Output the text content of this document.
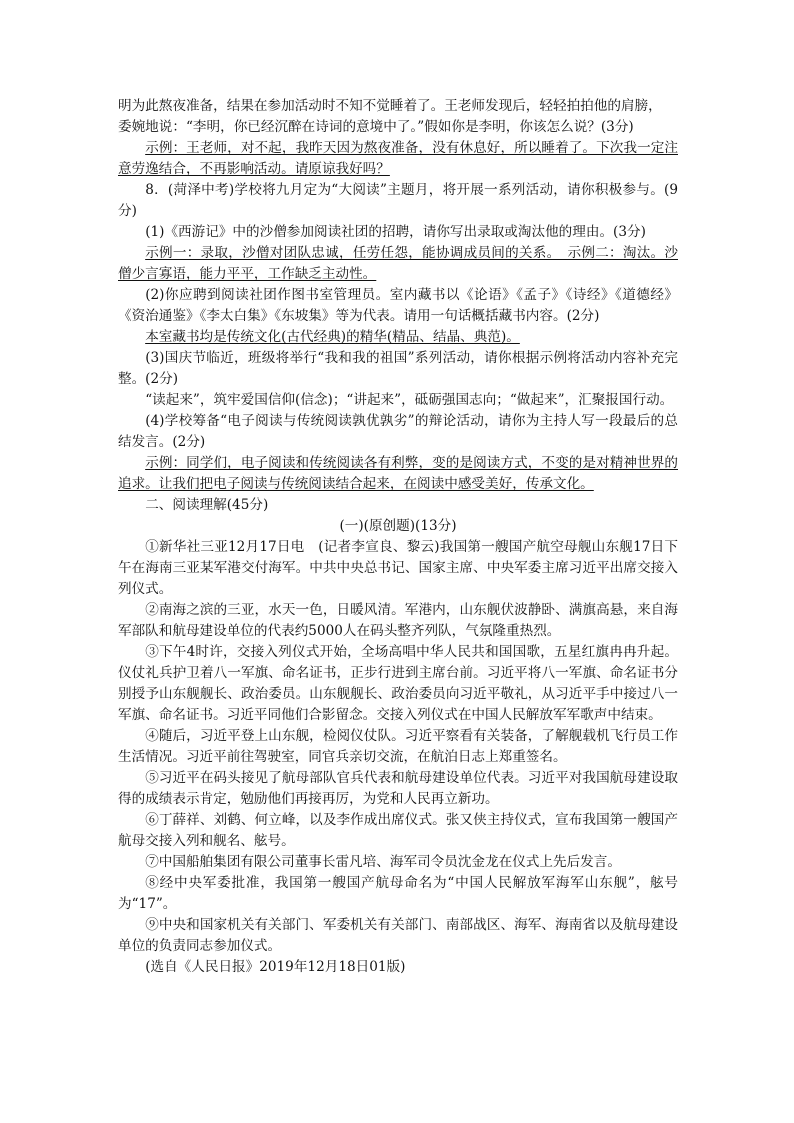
明为此熬夜准备，结果在参加活动时不知不觉睡着了。王老师发现后，轻轻拍拍他的肩膀，

委婉地说：“李明，你已经沉醉在诗词的意境中了。”假如你是李明，你该怎么说？(3分)

示例：王老师，对不起，我昨天因为熬夜准备，没有休息好，所以睡着了。下次我一定注意劳逸结合，不再影响活动。请原谅我好吗？

8．(菏泽中考)学校将九月定为“大阅读”主题月，将开展一系列活动，请你积极参与。(9分)

(1)《西游记》中的沙僧参加阅读社团的招聘，请你写出录取或淘汰他的理由。(3分)

示例一：录取，沙僧对团队忠诚，任劳任怨，能协调成员间的关系。　示例二：淘汰。沙僧少言寡语，能力平平，工作缺乏主动性。

(2)你应聘到阅读社团作图书室管理员。室内藏书以《论语》《孟子》《诗经》《道德经》《资治通鉴》《李太白集》《东坡集》等为代表。请用一句话概括藏书内容。(2分)

本室藏书均是传统文化(古代经典)的精华(精品、结晶、典范)。

(3)国庆节临近，班级将举行“我和我的祖国”系列活动，请你根据示例将活动内容补充完整。(2分)

“读起来”，筑牢爱国信仰(信念)；“讲起来”，砥砺强国志向；“做起来”，汇聚报国行动。

(4)学校筹备“电子阅读与传统阅读孰优孰劣”的辩论活动，请你为主持人写一段最后的总结发言。(2分)

示例：同学们，电子阅读和传统阅读各有利弊，变的是阅读方式，不变的是对精神世界的追求。让我们把电子阅读与传统阅读结合起来，在阅读中感受美好，传承文化。

二、阅读理解(45分)

(一)(原创题)(13分)

①新华社三亚12月17日电　(记者李宣良、黎云)我国第一艘国产航空母舰山东舰17日下午在海南三亚某军港交付海军。中共中央总书记、国家主席、中央军委主席习近平出席交接入列仪式。

②南海之滨的三亚，水天一色，日暖风清。军港内，山东舰伏波静卧、满旗高悬，来自海军部队和航母建设单位的代表约5000人在码头整齐列队，气氛隆重热烈。

③下午4时许，交接入列仪式开始，全场高唱中华人民共和国国歌，五星红旗冉冉升起。仪仗礼兵护卫着八一军旗、命名证书，正步行进到主席台前。习近平将八一军旗、命名证书分别授予山东舰舰长、政治委员。山东舰舰长、政治委员向习近平敬礼，从习近平手中接过八一军旗、命名证书。习近平同他们合影留念。交接入列仪式在中国人民解放军军歌声中结束。

④随后，习近平登上山东舰，检阅仪仗队。习近平察看有关装备，了解舰载机飞行员工作生活情况。习近平前往驾驶室，同官兵亲切交流，在航泊日志上郑重签名。

⑤习近平在码头接见了航母部队官兵代表和航母建设单位代表。习近平对我国航母建设取得的成绩表示肯定，勉励他们再接再厉，为党和人民再立新功。

⑥丁薛祥、刘鹤、何立峰，以及李作成出席仪式。张又侠主持仪式，宣布我国第一艘国产航母交接入列和舰名、舷号。

⑦中国船舶集团有限公司董事长雷凡培、海军司令员沈金龙在仪式上先后发言。

⑧经中央军委批准，我国第一艘国产航母命名为“中国人民解放军海军山东舰”，舷号为“17”。

⑨中央和国家机关有关部门、军委机关有关部门、南部战区、海军、海南省以及航母建设单位的负责同志参加仪式。

(选自《人民日报》2019年12月18日01版)
